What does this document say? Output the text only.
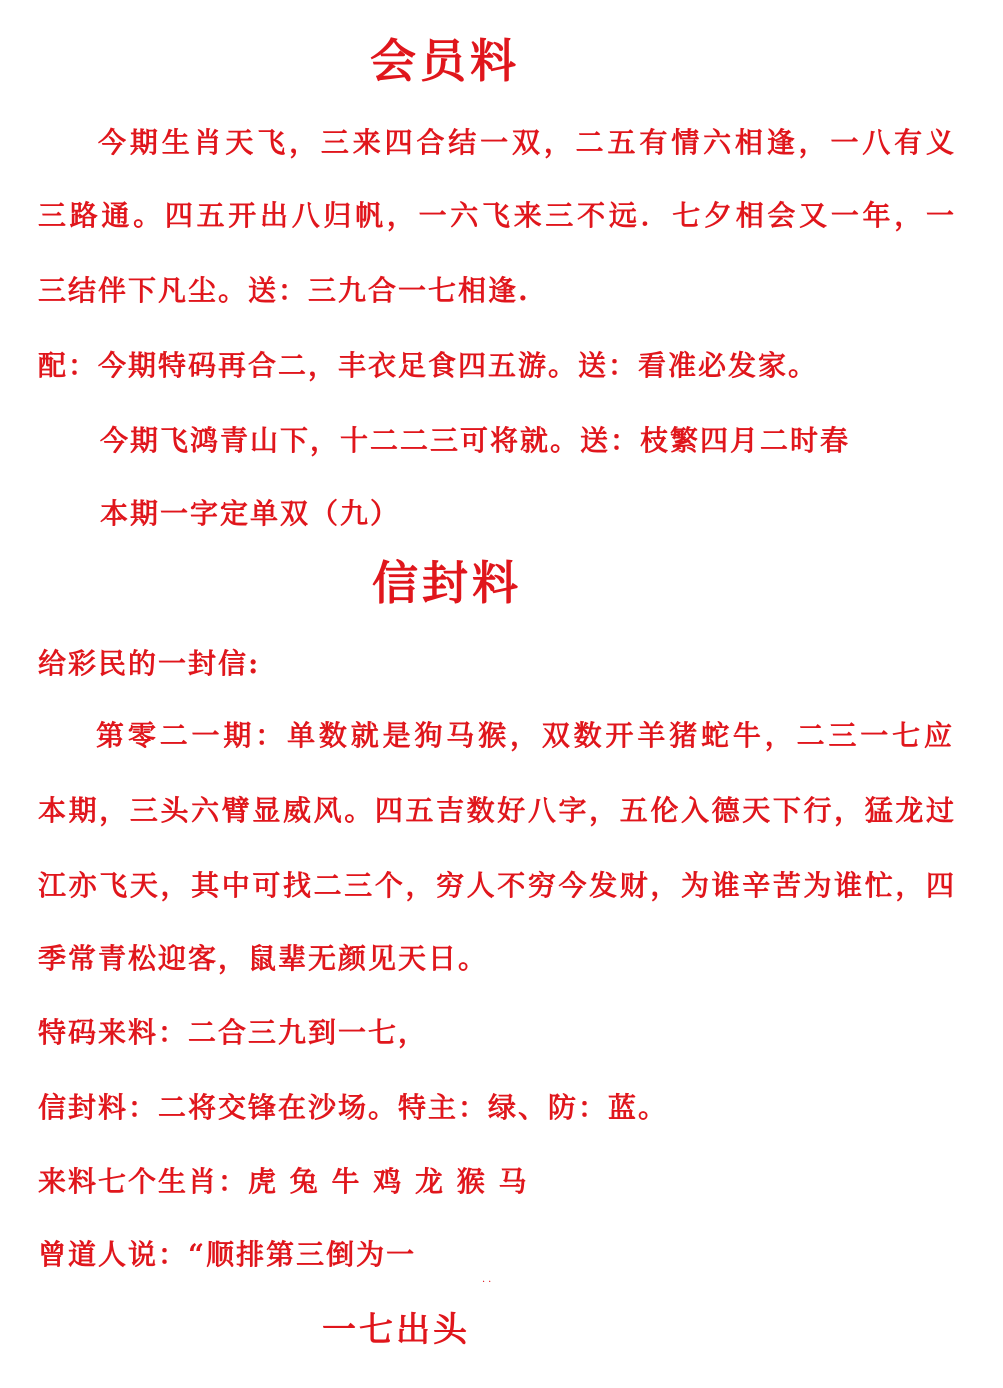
会员料
今期生肖天飞，三来四合结一双，二五有情六相逢，一八有义
三路通。四五开出八归帆，一六飞来三不远．七夕相会又一年，一
三结伴下凡尘。送：三九合一七相逢.
配：今期特码再合二，丰衣足食四五游。送：看准必发家。
今期飞鸿青山下，十二二三可将就。送：枝繁四月二时春
本期一字定单双（九）
信封料
给彩民的一封信:
第零二一期：单数就是狗马猴，双数开羊猪蛇牛，二三一七应
本期，三头六臂显威风。四五吉数好八字，五伦入德天下行，猛龙过
江亦飞天，其中可找二三个，穷人不穷今发财，为谁辛苦为谁忙，四
季常青松迎客，鼠辈无颜见天日。
特码来料：二合三九到一七，
信封料：二将交锋在沙场。特主：绿、防：蓝。
来料七个生肖：虎 兔 牛 鸡 龙 猴 马
曾道人说：“顺排第三倒为一
··
一七出头
